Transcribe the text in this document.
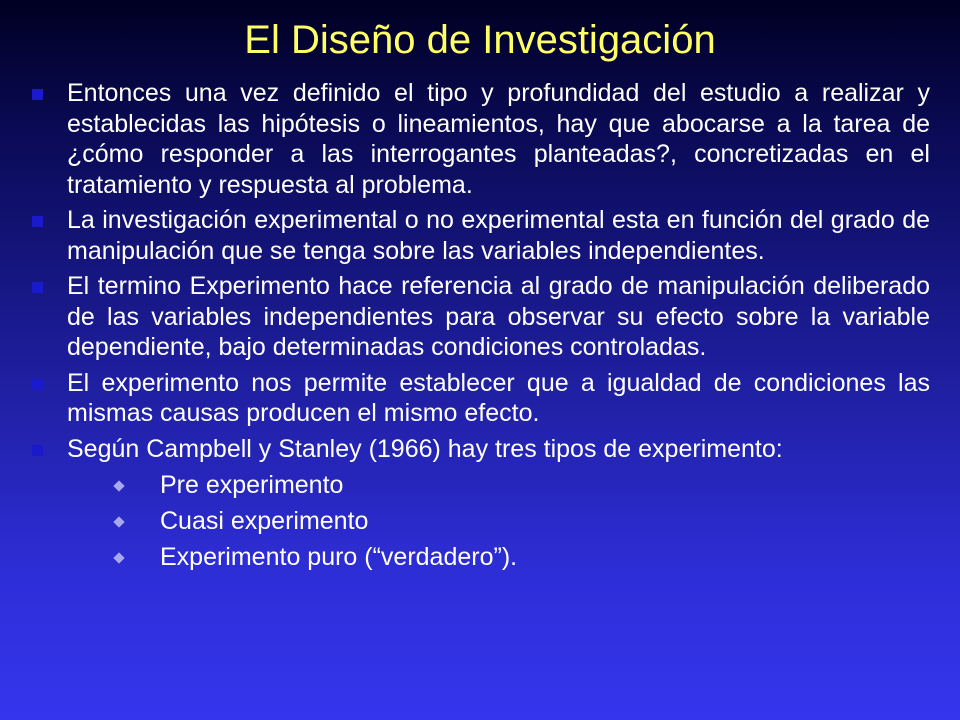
El Diseño de Investigación
Entonces una vez definido el tipo y profundidad del estudio a realizar y establecidas las hipótesis o lineamientos, hay que abocarse a la tarea de ¿cómo responder a las interrogantes planteadas?, concretizadas en el tratamiento y respuesta al problema.
La investigación experimental o no experimental esta en función del grado de manipulación que se tenga sobre las variables independientes.
El termino Experimento hace referencia al grado de manipulación deliberado de las variables independientes para observar su efecto sobre la variable dependiente, bajo determinadas condiciones controladas.
El experimento nos permite establecer que a igualdad de condiciones las mismas causas producen el mismo efecto.
Según Campbell y Stanley (1966) hay tres tipos de experimento:
Pre experimento
Cuasi experimento
Experimento puro (“verdadero”).
